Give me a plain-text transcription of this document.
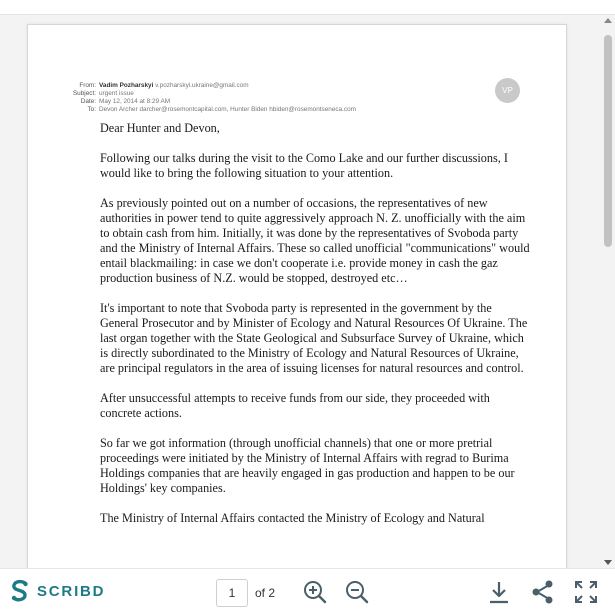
From: Vadim Pozharskyi v.pozharskyi.ukraine@gmail.com
Subject: urgent issue
Date: May 12, 2014 at 8:29 AM
To: Devon Archer darcher@rosemontcapital.com, Hunter Biden hbiden@rosemontseneca.com
VP

Dear Hunter and Devon,

Following our talks during the visit to the Como Lake and our further discussions, I would like to bring the following situation to your attention.

As previously pointed out on a number of occasions, the representatives of new authorities in power tend to quite aggressively approach N. Z. unofficially with the aim to obtain cash from him. Initially, it was done by the representatives of Svoboda party and the Ministry of Internal Affairs. These so called unofficial "communications" would entail blackmailing: in case we don't cooperate i.e. provide money in cash the gaz production business of N.Z. would be stopped, destroyed etc…

It's important to note that Svoboda party is represented in the government by the General Prosecutor and by Minister of Ecology and Natural Resources Of Ukraine. The last organ together with the State Geological and Subsurface Survey of Ukraine, which is directly subordinated to the Ministry of Ecology and Natural Resources of Ukraine, are principal regulators in the area of issuing licenses for natural resources and control.

After unsuccessful attempts to receive funds from our side, they proceeded with concrete actions.

So far we got information (through unofficial channels) that one or more pretrial proceedings were initiated by the Ministry of Internal Affairs with regrad to Burima Holdings companies that are heavily engaged in gas production and happen to be our Holdings' key companies.

The Ministry of Internal Affairs contacted the Ministry of Ecology and Natural

SCRIBD	1	of 2
